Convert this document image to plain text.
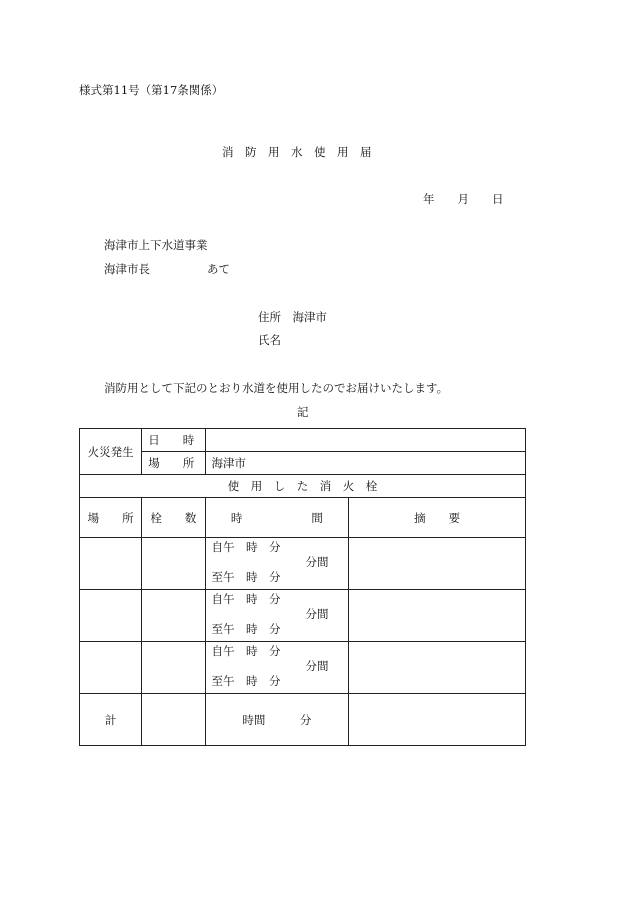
様式第11号（第17条関係）
消　防　用　水　使　用　届
年　　月　　日
海津市上下水道事業
海津市長	あて
住所　海津市
氏名
消防用として下記のとおり水道を使用したのでお届けいたします。
記
火災発生	日　　時		
	場　　所	海津市	
使　用　し　た　消　火　栓			
場　　所	栓　　数	時　　　　　　間	摘　　要

		自午　時　分
分間
至午　時　分	

		自午　時　分
分間
至午　時　分	

		自午　時　分
分間
至午　時　分	

計		時間　　　分	
